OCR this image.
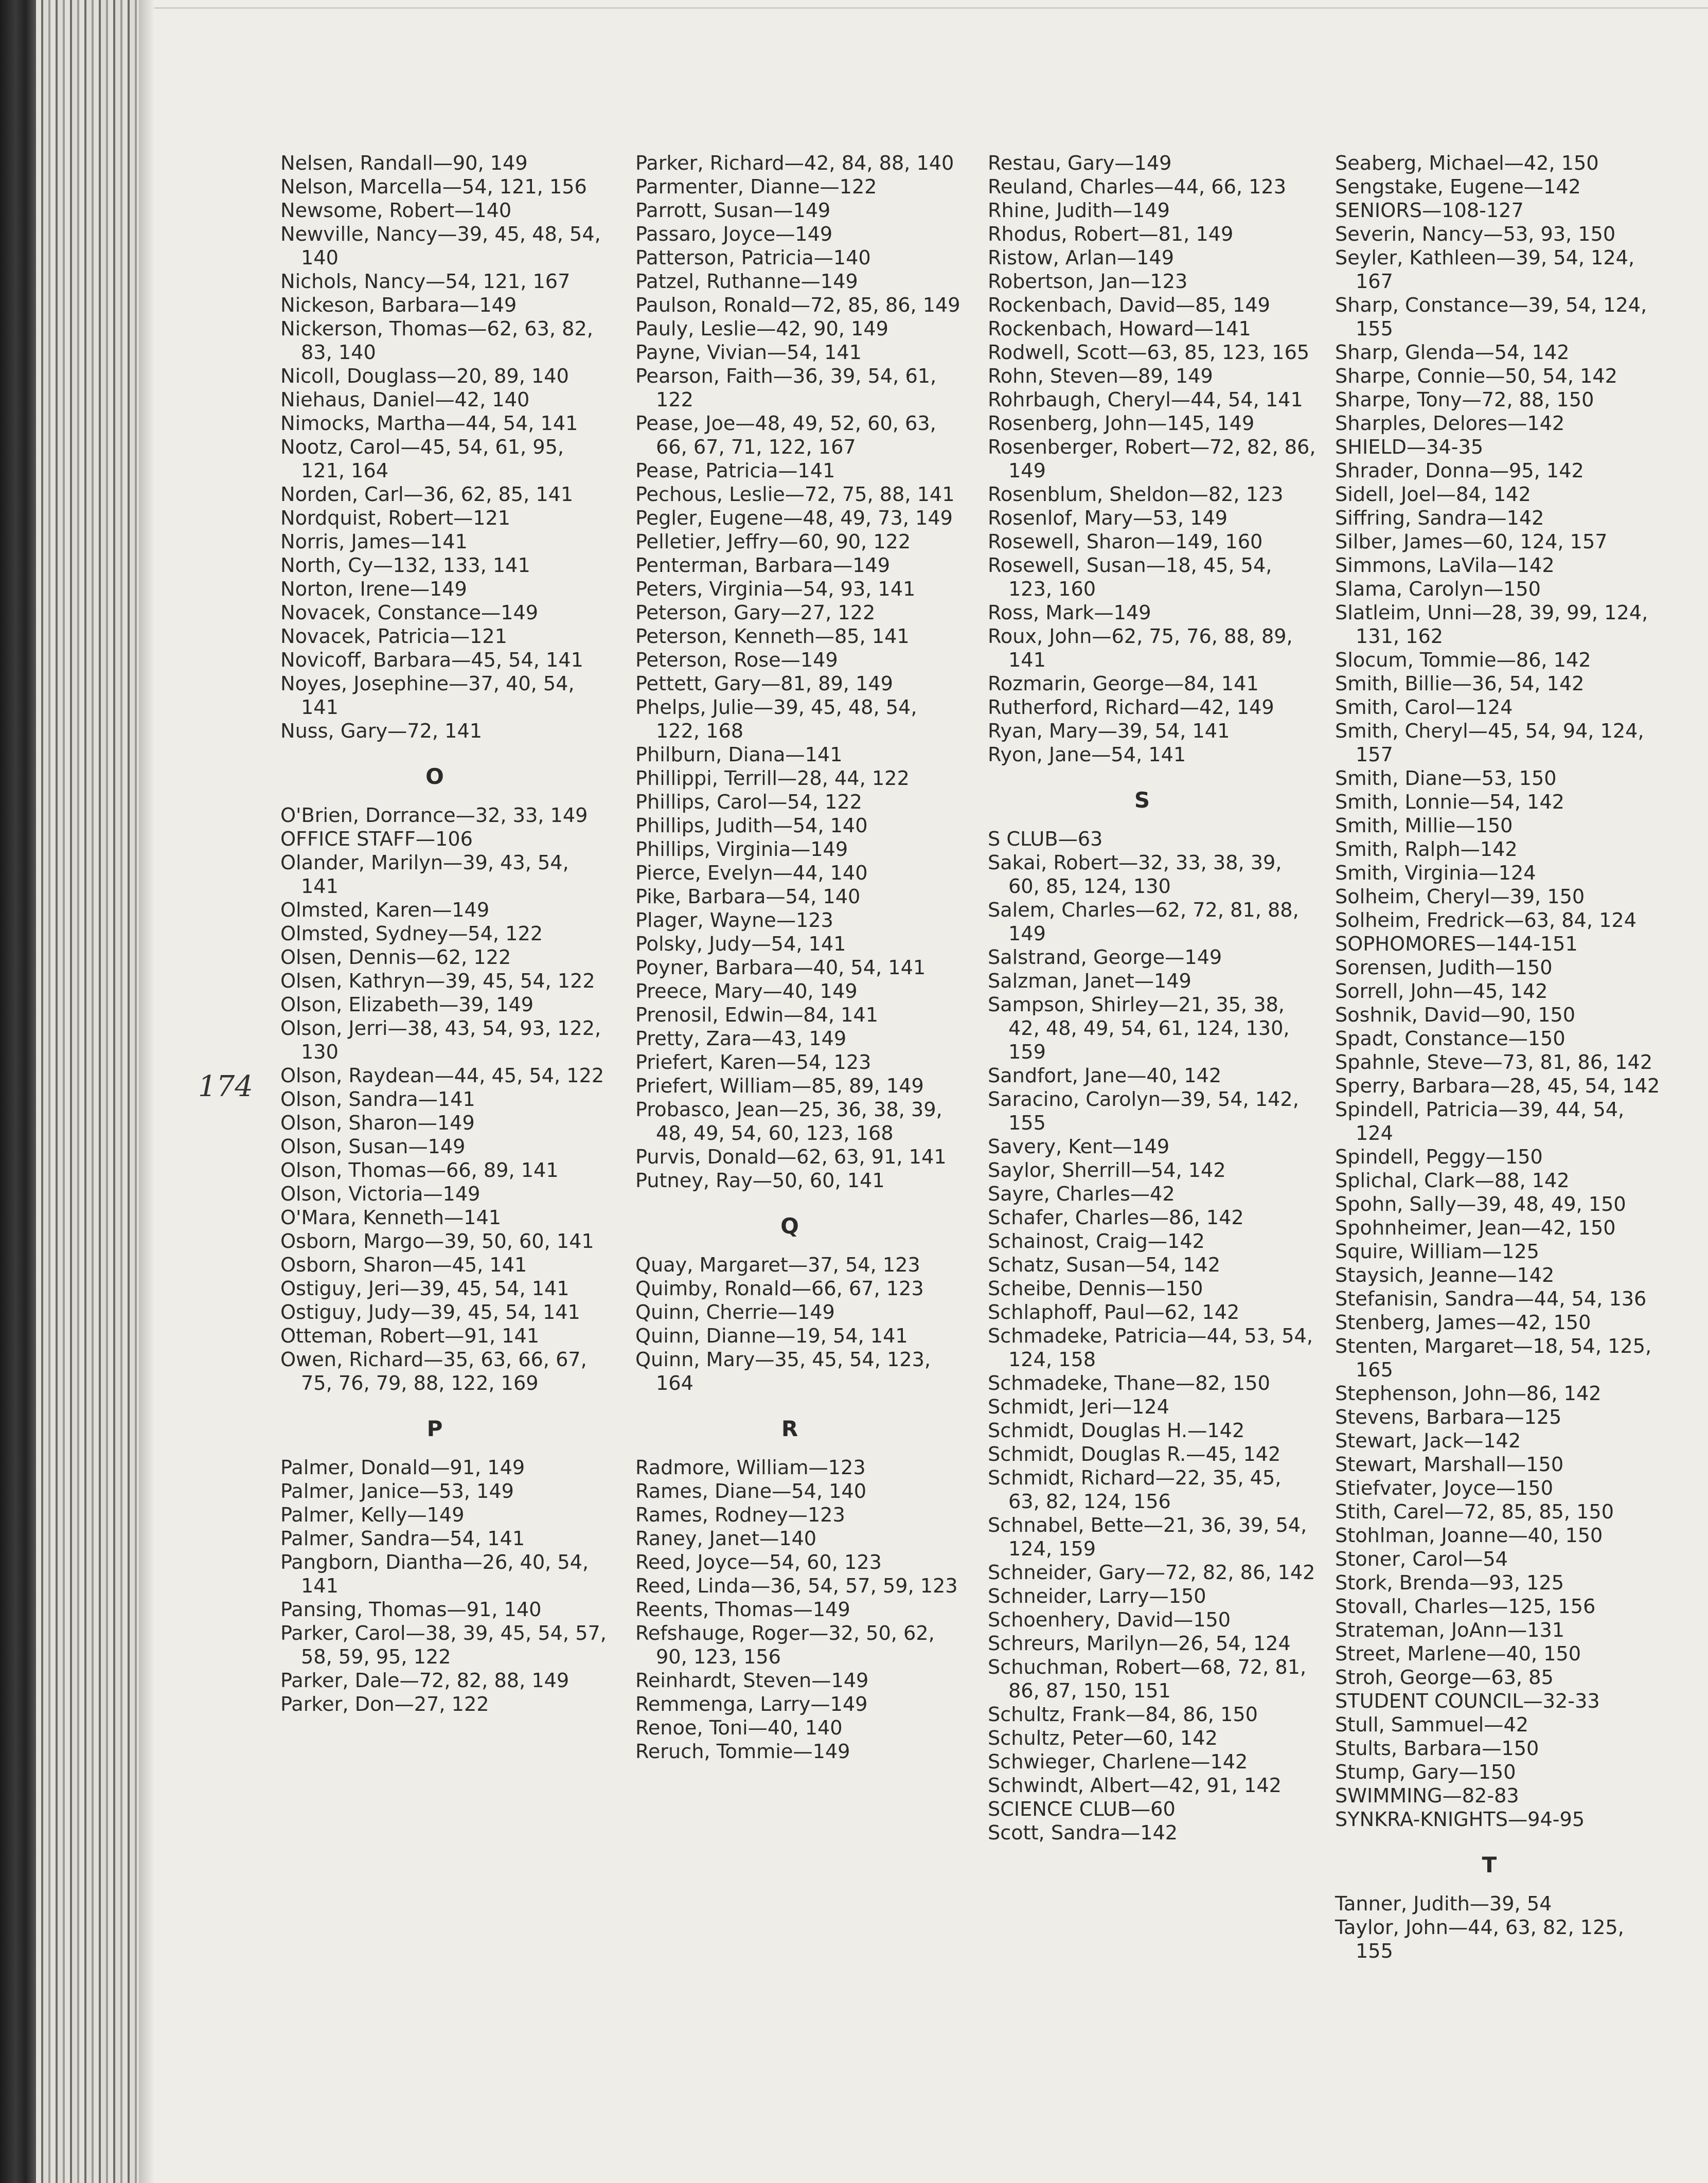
174
Nelsen, Randall—90, 149
Nelson, Marcella—54, 121, 156
Newsome, Robert—140
Newville, Nancy—39, 45, 48, 54, 140
Nichols, Nancy—54, 121, 167
Nickeson, Barbara—149
Nickerson, Thomas—62, 63, 82, 83, 140
Nicoll, Douglass—20, 89, 140
Niehaus, Daniel—42, 140
Nimocks, Martha—44, 54, 141
Nootz, Carol—45, 54, 61, 95, 121, 164
Norden, Carl—36, 62, 85, 141
Nordquist, Robert—121
Norris, James—141
North, Cy—132, 133, 141
Norton, Irene—149
Novacek, Constance—149
Novacek, Patricia—121
Novicoff, Barbara—45, 54, 141
Noyes, Josephine—37, 40, 54, 141
Nuss, Gary—72, 141
O
O'Brien, Dorrance—32, 33, 149
OFFICE STAFF—106
Olander, Marilyn—39, 43, 54, 141
Olmsted, Karen—149
Olmsted, Sydney—54, 122
Olsen, Dennis—62, 122
Olsen, Kathryn—39, 45, 54, 122
Olson, Elizabeth—39, 149
Olson, Jerri—38, 43, 54, 93, 122, 130
Olson, Raydean—44, 45, 54, 122
Olson, Sandra—141
Olson, Sharon—149
Olson, Susan—149
Olson, Thomas—66, 89, 141
Olson, Victoria—149
O'Mara, Kenneth—141
Osborn, Margo—39, 50, 60, 141
Osborn, Sharon—45, 141
Ostiguy, Jeri—39, 45, 54, 141
Ostiguy, Judy—39, 45, 54, 141
Otteman, Robert—91, 141
Owen, Richard—35, 63, 66, 67, 75, 76, 79, 88, 122, 169
P
Palmer, Donald—91, 149
Palmer, Janice—53, 149
Palmer, Kelly—149
Palmer, Sandra—54, 141
Pangborn, Diantha—26, 40, 54, 141
Pansing, Thomas—91, 140
Parker, Carol—38, 39, 45, 54, 57, 58, 59, 95, 122
Parker, Dale—72, 82, 88, 149
Parker, Don—27, 122
Parker, Richard—42, 84, 88, 140
Parmenter, Dianne—122
Parrott, Susan—149
Passaro, Joyce—149
Patterson, Patricia—140
Patzel, Ruthanne—149
Paulson, Ronald—72, 85, 86, 149
Pauly, Leslie—42, 90, 149
Payne, Vivian—54, 141
Pearson, Faith—36, 39, 54, 61, 122
Pease, Joe—48, 49, 52, 60, 63, 66, 67, 71, 122, 167
Pease, Patricia—141
Pechous, Leslie—72, 75, 88, 141
Pegler, Eugene—48, 49, 73, 149
Pelletier, Jeffry—60, 90, 122
Penterman, Barbara—149
Peters, Virginia—54, 93, 141
Peterson, Gary—27, 122
Peterson, Kenneth—85, 141
Peterson, Rose—149
Pettett, Gary—81, 89, 149
Phelps, Julie—39, 45, 48, 54, 122, 168
Philburn, Diana—141
Phillippi, Terrill—28, 44, 122
Phillips, Carol—54, 122
Phillips, Judith—54, 140
Phillips, Virginia—149
Pierce, Evelyn—44, 140
Pike, Barbara—54, 140
Plager, Wayne—123
Polsky, Judy—54, 141
Poyner, Barbara—40, 54, 141
Preece, Mary—40, 149
Prenosil, Edwin—84, 141
Pretty, Zara—43, 149
Priefert, Karen—54, 123
Priefert, William—85, 89, 149
Probasco, Jean—25, 36, 38, 39, 48, 49, 54, 60, 123, 168
Purvis, Donald—62, 63, 91, 141
Putney, Ray—50, 60, 141
Q
Quay, Margaret—37, 54, 123
Quimby, Ronald—66, 67, 123
Quinn, Cherrie—149
Quinn, Dianne—19, 54, 141
Quinn, Mary—35, 45, 54, 123, 164
R
Radmore, William—123
Rames, Diane—54, 140
Rames, Rodney—123
Raney, Janet—140
Reed, Joyce—54, 60, 123
Reed, Linda—36, 54, 57, 59, 123
Reents, Thomas—149
Refshauge, Roger—32, 50, 62, 90, 123, 156
Reinhardt, Steven—149
Remmenga, Larry—149
Renoe, Toni—40, 140
Reruch, Tommie—149
Restau, Gary—149
Reuland, Charles—44, 66, 123
Rhine, Judith—149
Rhodus, Robert—81, 149
Ristow, Arlan—149
Robertson, Jan—123
Rockenbach, David—85, 149
Rockenbach, Howard—141
Rodwell, Scott—63, 85, 123, 165
Rohn, Steven—89, 149
Rohrbaugh, Cheryl—44, 54, 141
Rosenberg, John—145, 149
Rosenberger, Robert—72, 82, 86, 149
Rosenblum, Sheldon—82, 123
Rosenlof, Mary—53, 149
Rosewell, Sharon—149, 160
Rosewell, Susan—18, 45, 54, 123, 160
Ross, Mark—149
Roux, John—62, 75, 76, 88, 89, 141
Rozmarin, George—84, 141
Rutherford, Richard—42, 149
Ryan, Mary—39, 54, 141
Ryon, Jane—54, 141
S
S CLUB—63
Sakai, Robert—32, 33, 38, 39, 60, 85, 124, 130
Salem, Charles—62, 72, 81, 88, 149
Salstrand, George—149
Salzman, Janet—149
Sampson, Shirley—21, 35, 38, 42, 48, 49, 54, 61, 124, 130, 159
Sandfort, Jane—40, 142
Saracino, Carolyn—39, 54, 142, 155
Savery, Kent—149
Saylor, Sherrill—54, 142
Sayre, Charles—42
Schafer, Charles—86, 142
Schainost, Craig—142
Schatz, Susan—54, 142
Scheibe, Dennis—150
Schlaphoff, Paul—62, 142
Schmadeke, Patricia—44, 53, 54, 124, 158
Schmadeke, Thane—82, 150
Schmidt, Jeri—124
Schmidt, Douglas H.—142
Schmidt, Douglas R.—45, 142
Schmidt, Richard—22, 35, 45, 63, 82, 124, 156
Schnabel, Bette—21, 36, 39, 54, 124, 159
Schneider, Gary—72, 82, 86, 142
Schneider, Larry—150
Schoenhery, David—150
Schreurs, Marilyn—26, 54, 124
Schuchman, Robert—68, 72, 81, 86, 87, 150, 151
Schultz, Frank—84, 86, 150
Schultz, Peter—60, 142
Schwieger, Charlene—142
Schwindt, Albert—42, 91, 142
SCIENCE CLUB—60
Scott, Sandra—142
Seaberg, Michael—42, 150
Sengstake, Eugene—142
SENIORS—108-127
Severin, Nancy—53, 93, 150
Seyler, Kathleen—39, 54, 124, 167
Sharp, Constance—39, 54, 124, 155
Sharp, Glenda—54, 142
Sharpe, Connie—50, 54, 142
Sharpe, Tony—72, 88, 150
Sharples, Delores—142
SHIELD—34-35
Shrader, Donna—95, 142
Sidell, Joel—84, 142
Siffring, Sandra—142
Silber, James—60, 124, 157
Simmons, LaVila—142
Slama, Carolyn—150
Slatleim, Unni—28, 39, 99, 124, 131, 162
Slocum, Tommie—86, 142
Smith, Billie—36, 54, 142
Smith, Carol—124
Smith, Cheryl—45, 54, 94, 124, 157
Smith, Diane—53, 150
Smith, Lonnie—54, 142
Smith, Millie—150
Smith, Ralph—142
Smith, Virginia—124
Solheim, Cheryl—39, 150
Solheim, Fredrick—63, 84, 124
SOPHOMORES—144-151
Sorensen, Judith—150
Sorrell, John—45, 142
Soshnik, David—90, 150
Spadt, Constance—150
Spahnle, Steve—73, 81, 86, 142
Sperry, Barbara—28, 45, 54, 142
Spindell, Patricia—39, 44, 54, 124
Spindell, Peggy—150
Splichal, Clark—88, 142
Spohn, Sally—39, 48, 49, 150
Spohnheimer, Jean—42, 150
Squire, William—125
Staysich, Jeanne—142
Stefanisin, Sandra—44, 54, 136
Stenberg, James—42, 150
Stenten, Margaret—18, 54, 125, 165
Stephenson, John—86, 142
Stevens, Barbara—125
Stewart, Jack—142
Stewart, Marshall—150
Stiefvater, Joyce—150
Stith, Carel—72, 85, 85, 150
Stohlman, Joanne—40, 150
Stoner, Carol—54
Stork, Brenda—93, 125
Stovall, Charles—125, 156
Strateman, JoAnn—131
Street, Marlene—40, 150
Stroh, George—63, 85
STUDENT COUNCIL—32-33
Stull, Sammuel—42
Stults, Barbara—150
Stump, Gary—150
SWIMMING—82-83
SYNKRA-KNIGHTS—94-95
T
Tanner, Judith—39, 54
Taylor, John—44, 63, 82, 125, 155
